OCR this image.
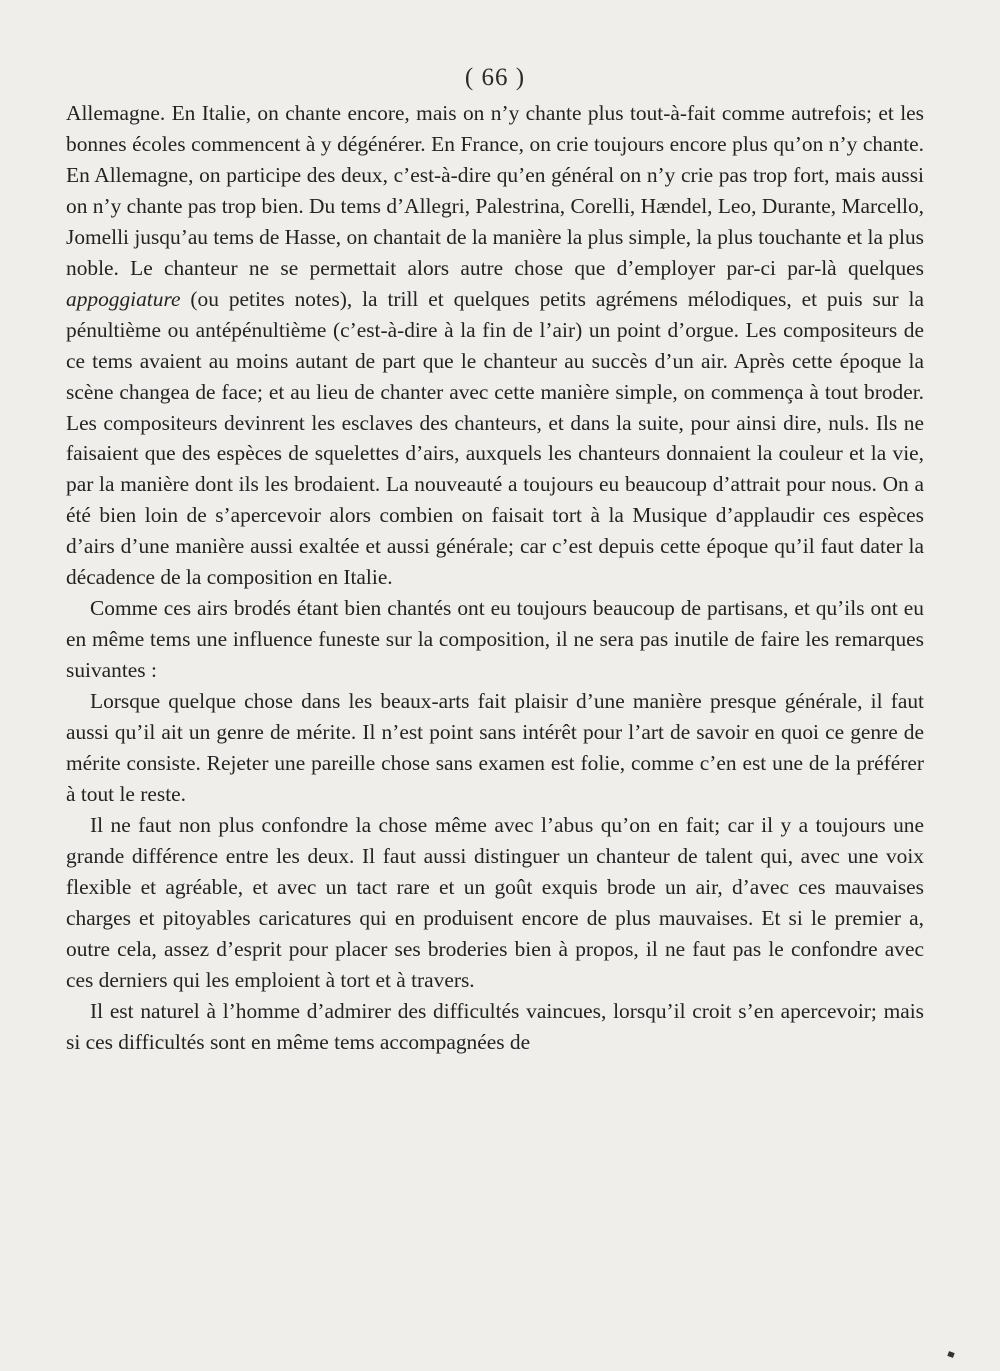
( 66 )

Allemagne. En Italie, on chante encore, mais on n’y chante plus tout-à-fait comme autrefois; et les bonnes écoles commencent à y dégénérer. En France, on crie toujours encore plus qu’on n’y chante. En Allemagne, on participe des deux, c’est-à-dire qu’en général on n’y crie pas trop fort, mais aussi on n’y chante pas trop bien. Du tems d’Allegri, Palestrina, Corelli, Hændel, Leo, Durante, Marcello, Jomelli jusqu’au tems de Hasse, on chantait de la manière la plus simple, la plus touchante et la plus noble. Le chanteur ne se permettait alors autre chose que d’employer par-ci par-là quelques appoggiature (ou petites notes), la trill et quelques petits agrémens mélodiques, et puis sur la pénultième ou antépénultième (c’est-à-dire à la fin de l’air) un point d’orgue. Les compositeurs de ce tems avaient au moins autant de part que le chanteur au succès d’un air. Après cette époque la scène changea de face; et au lieu de chanter avec cette manière simple, on commença à tout broder. Les compositeurs devinrent les esclaves des chanteurs, et dans la suite, pour ainsi dire, nuls. Ils ne faisaient que des espèces de squelettes d’airs, auxquels les chanteurs donnaient la couleur et la vie, par la manière dont ils les brodaient. La nouveauté a toujours eu beaucoup d’attrait pour nous. On a été bien loin de s’apercevoir alors combien on faisait tort à la Musique d’applaudir ces espèces d’airs d’une manière aussi exaltée et aussi générale; car c’est depuis cette époque qu’il faut dater la décadence de la composition en Italie.

Comme ces airs brodés étant bien chantés ont eu toujours beaucoup de partisans, et qu’ils ont eu en même tems une influence funeste sur la composition, il ne sera pas inutile de faire les remarques suivantes :

Lorsque quelque chose dans les beaux-arts fait plaisir d’une manière presque générale, il faut aussi qu’il ait un genre de mérite. Il n’est point sans intérêt pour l’art de savoir en quoi ce genre de mérite consiste. Rejeter une pareille chose sans examen est folie, comme c’en est une de la préférer à tout le reste.

Il ne faut non plus confondre la chose même avec l’abus qu’on en fait; car il y a toujours une grande différence entre les deux. Il faut aussi distinguer un chanteur de talent qui, avec une voix flexible et agréable, et avec un tact rare et un goût exquis brode un air, d’avec ces mauvaises charges et pitoyables caricatures qui en produisent encore de plus mauvaises. Et si le premier a, outre cela, assez d’esprit pour placer ses broderies bien à propos, il ne faut pas le confondre avec ces derniers qui les emploient à tort et à travers.

Il est naturel à l’homme d’admirer des difficultés vaincues, lorsqu’il croit s’en apercevoir; mais si ces difficultés sont en même tems accompagnées de
